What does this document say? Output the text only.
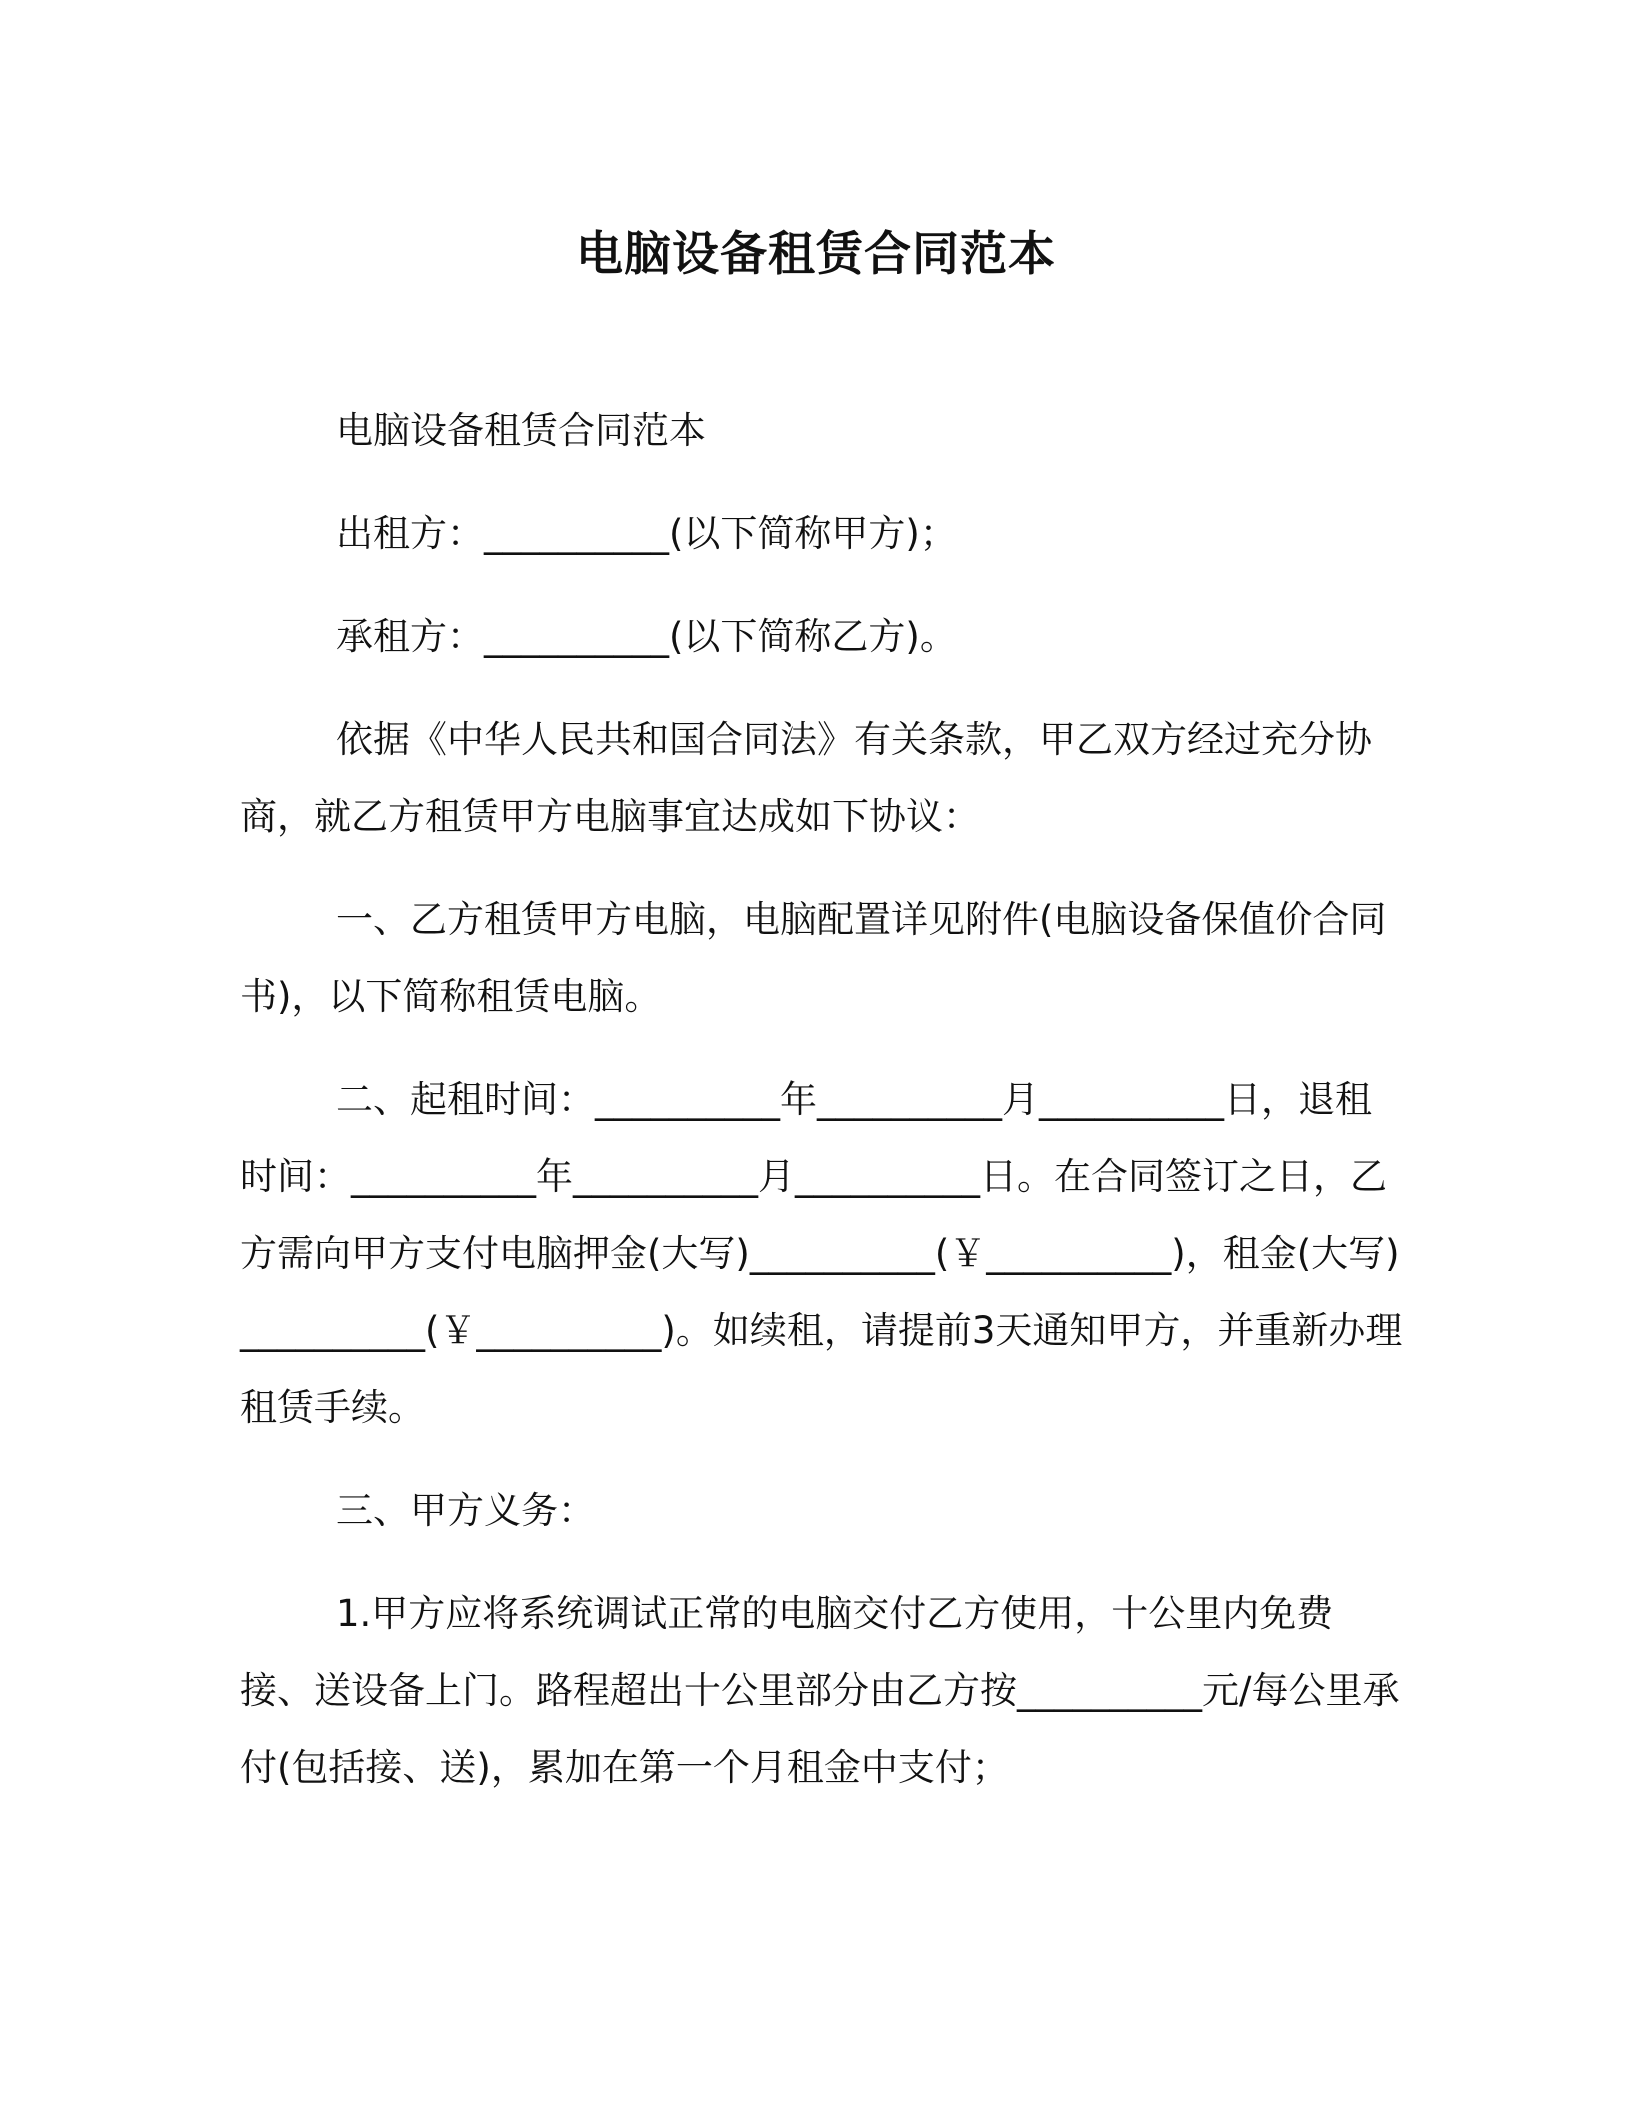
电脑设备租赁合同范本

电脑设备租赁合同范本

出租方：__________(以下简称甲方)；

承租方：__________(以下简称乙方)。

依据《中华人民共和国合同法》有关条款，甲乙双方经过充分协商，就乙方租赁甲方电脑事宜达成如下协议：

一、乙方租赁甲方电脑，电脑配置详见附件(电脑设备保值价合同书)，以下简称租赁电脑。

二、起租时间：__________年__________月__________日，退租时间：__________年__________月__________日。在合同签订之日，乙方需向甲方支付电脑押金(大写)__________(￥__________)，租金(大写)__________(￥__________)。如续租，请提前3天通知甲方，并重新办理租赁手续。

三、甲方义务：

1.甲方应将系统调试正常的电脑交付乙方使用，十公里内免费接、送设备上门。路程超出十公里部分由乙方按__________元/每公里承付(包括接、送)，累加在第一个月租金中支付；
